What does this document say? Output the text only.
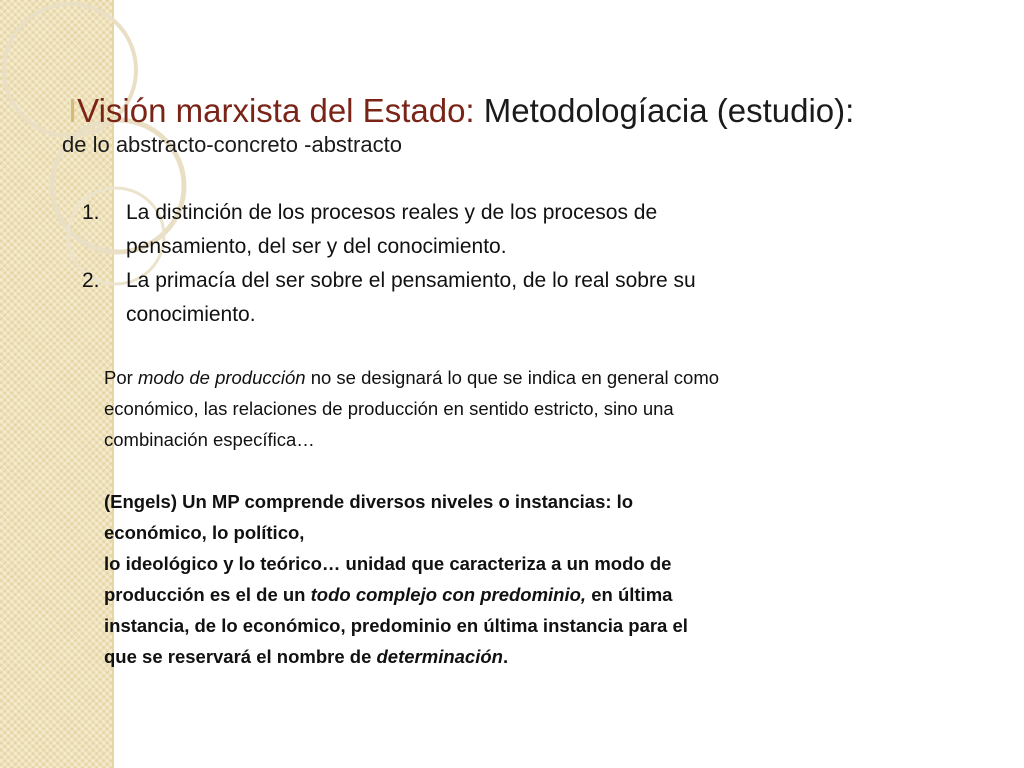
IVisión marxista del Estado: Metodologíacia (estudio):
de lo abstracto-concreto -abstracto
1. La distinción de los procesos reales y de los procesos de
pensamiento, del ser y del conocimiento.
2. La primacía del ser sobre el pensamiento, de lo real sobre su
conocimiento.

Por modo de producción no se designará lo que se indica en general como
económico, las relaciones de producción en sentido estricto, sino una
combinación específica…

(Engels) Un MP comprende diversos niveles o instancias: lo
económico, lo político,
lo ideológico y lo teórico… unidad que caracteriza a un modo de
producción es el de un todo complejo con predominio, en última
instancia, de lo económico, predominio en última instancia para el
que se reservará el nombre de determinación.
